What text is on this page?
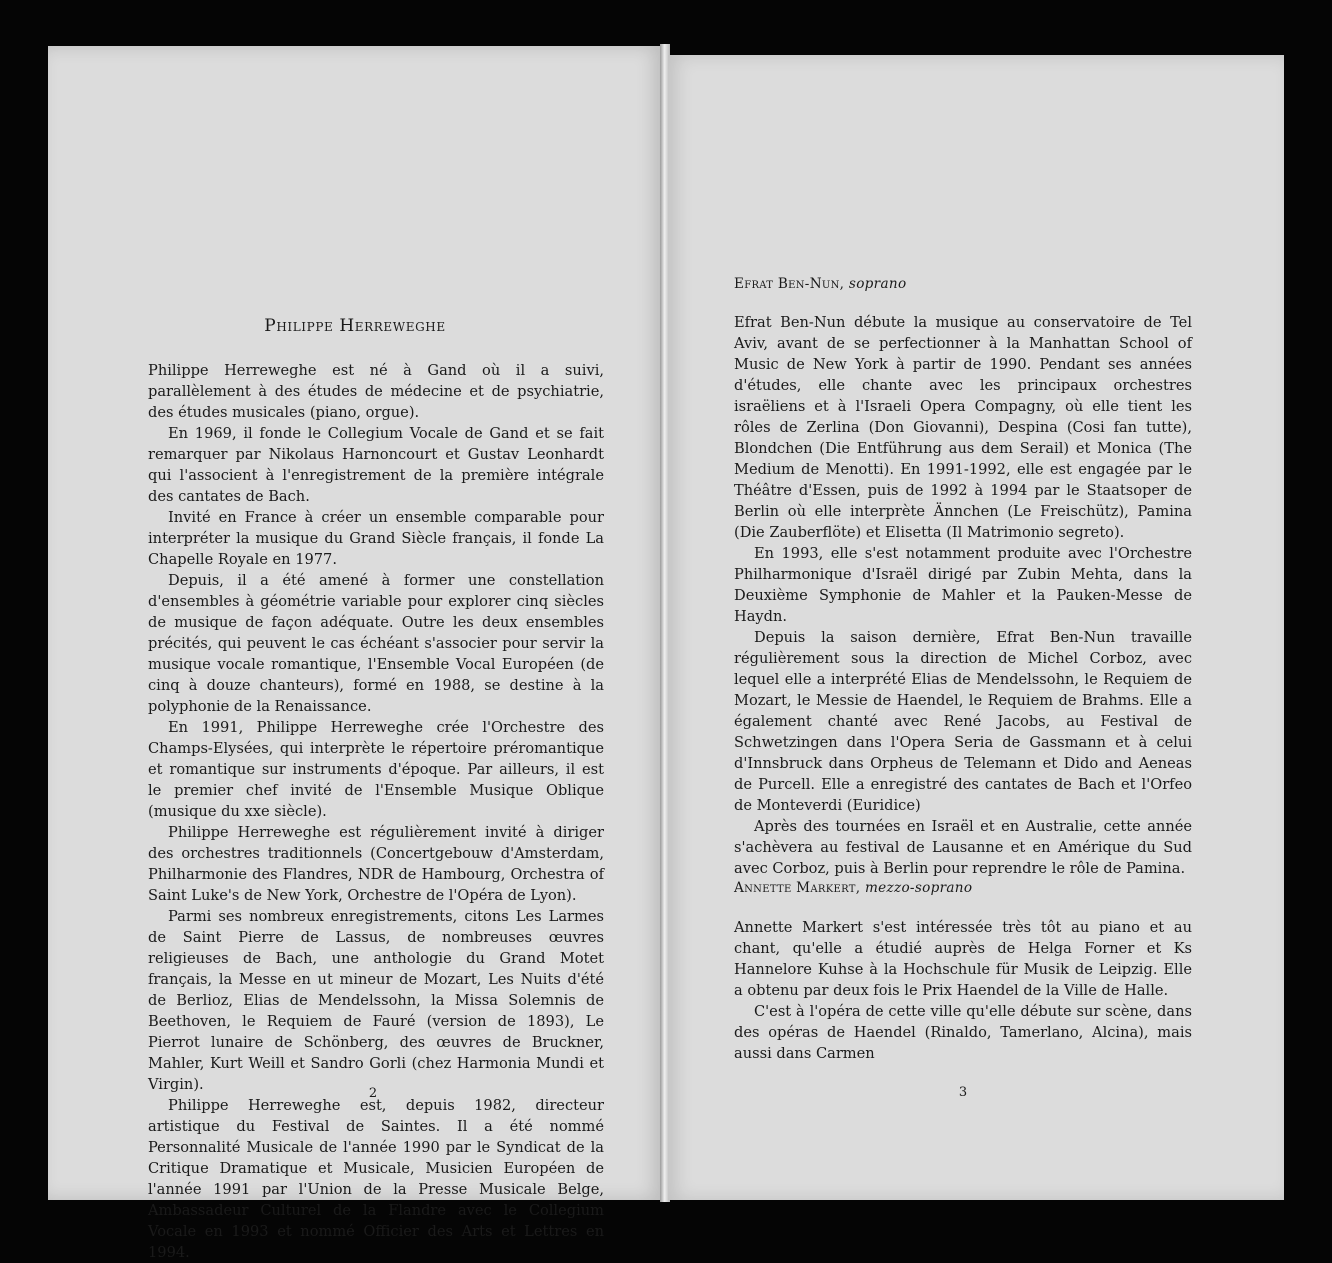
Philippe Herreweghe

Philippe Herreweghe est né à Gand où il a suivi, parallèlement à des études de médecine et de psychiatrie, des études musicales (piano, orgue).

En 1969, il fonde le Collegium Vocale de Gand et se fait remarquer par Nikolaus Harnoncourt et Gustav Leonhardt qui l'associent à l'enregistrement de la première intégrale des cantates de Bach.

Invité en France à créer un ensemble comparable pour interpréter la musique du Grand Siècle français, il fonde La Chapelle Royale en 1977.

Depuis, il a été amené à former une constellation d'ensembles à géométrie variable pour explorer cinq siècles de musique de façon adéquate. Outre les deux ensembles précités, qui peuvent le cas échéant s'associer pour servir la musique vocale romantique, l'Ensemble Vocal Européen (de cinq à douze chanteurs), formé en 1988, se destine à la polyphonie de la Renaissance.

En 1991, Philippe Herreweghe crée l'Orchestre des Champs-Elysées, qui interprète le répertoire préromantique et romantique sur instruments d'époque. Par ailleurs, il est le premier chef invité de l'Ensemble Musique Oblique (musique du xxe siècle).

Philippe Herreweghe est régulièrement invité à diriger des orchestres traditionnels (Concertgebouw d'Amsterdam, Philharmonie des Flandres, NDR de Hambourg, Orchestra of Saint Luke's de New York, Orchestre de l'Opéra de Lyon).

Parmi ses nombreux enregistrements, citons Les Larmes de Saint Pierre de Lassus, de nombreuses œuvres religieuses de Bach, une anthologie du Grand Motet français, la Messe en ut mineur de Mozart, Les Nuits d'été de Berlioz, Elias de Mendelssohn, la Missa Solemnis de Beethoven, le Requiem de Fauré (version de 1893), Le Pierrot lunaire de Schönberg, des œuvres de Bruckner, Mahler, Kurt Weill et Sandro Gorli (chez Harmonia Mundi et Virgin).

Philippe Herreweghe est, depuis 1982, directeur artistique du Festival de Saintes. Il a été nommé Personnalité Musicale de l'année 1990 par le Syndicat de la Critique Dramatique et Musicale, Musicien Européen de l'année 1991 par l'Union de la Presse Musicale Belge, Ambassadeur Culturel de la Flandre avec le Collegium Vocale en 1993 et nommé Officier des Arts et Lettres en 1994.

2
Efrat Ben-Nun, soprano

Efrat Ben-Nun débute la musique au conservatoire de Tel Aviv, avant de se perfectionner à la Manhattan School of Music de New York à partir de 1990. Pendant ses années d'études, elle chante avec les principaux orchestres israëliens et à l'Israeli Opera Compagny, où elle tient les rôles de Zerlina (Don Giovanni), Despina (Cosi fan tutte), Blondchen (Die Entführung aus dem Serail) et Monica (The Medium de Menotti). En 1991-1992, elle est engagée par le Théâtre d'Essen, puis de 1992 à 1994 par le Staatsoper de Berlin où elle interprète Ännchen (Le Freischütz), Pamina (Die Zauberflöte) et Elisetta (Il Matrimonio segreto).

En 1993, elle s'est notamment produite avec l'Orchestre Philharmonique d'Israël dirigé par Zubin Mehta, dans la Deuxième Symphonie de Mahler et la Pauken-Messe de Haydn.

Depuis la saison dernière, Efrat Ben-Nun travaille régulièrement sous la direction de Michel Corboz, avec lequel elle a interprété Elias de Mendelssohn, le Requiem de Mozart, le Messie de Haendel, le Requiem de Brahms. Elle a également chanté avec René Jacobs, au Festival de Schwetzingen dans l'Opera Seria de Gassmann et à celui d'Innsbruck dans Orpheus de Telemann et Dido and Aeneas de Purcell. Elle a enregistré des cantates de Bach et l'Orfeo de Monteverdi (Euridice)

Après des tournées en Israël et en Australie, cette année s'achèvera au festival de Lausanne et en Amérique du Sud avec Corboz, puis à Berlin pour reprendre le rôle de Pamina.

Annette Markert, mezzo-soprano

Annette Markert s'est intéressée très tôt au piano et au chant, qu'elle a étudié auprès de Helga Forner et Ks Hannelore Kuhse à la Hochschule für Musik de Leipzig. Elle a obtenu par deux fois le Prix Haendel de la Ville de Halle.

C'est à l'opéra de cette ville qu'elle débute sur scène, dans des opéras de Haendel (Rinaldo, Tamerlano, Alcina), mais aussi dans Carmen

3
